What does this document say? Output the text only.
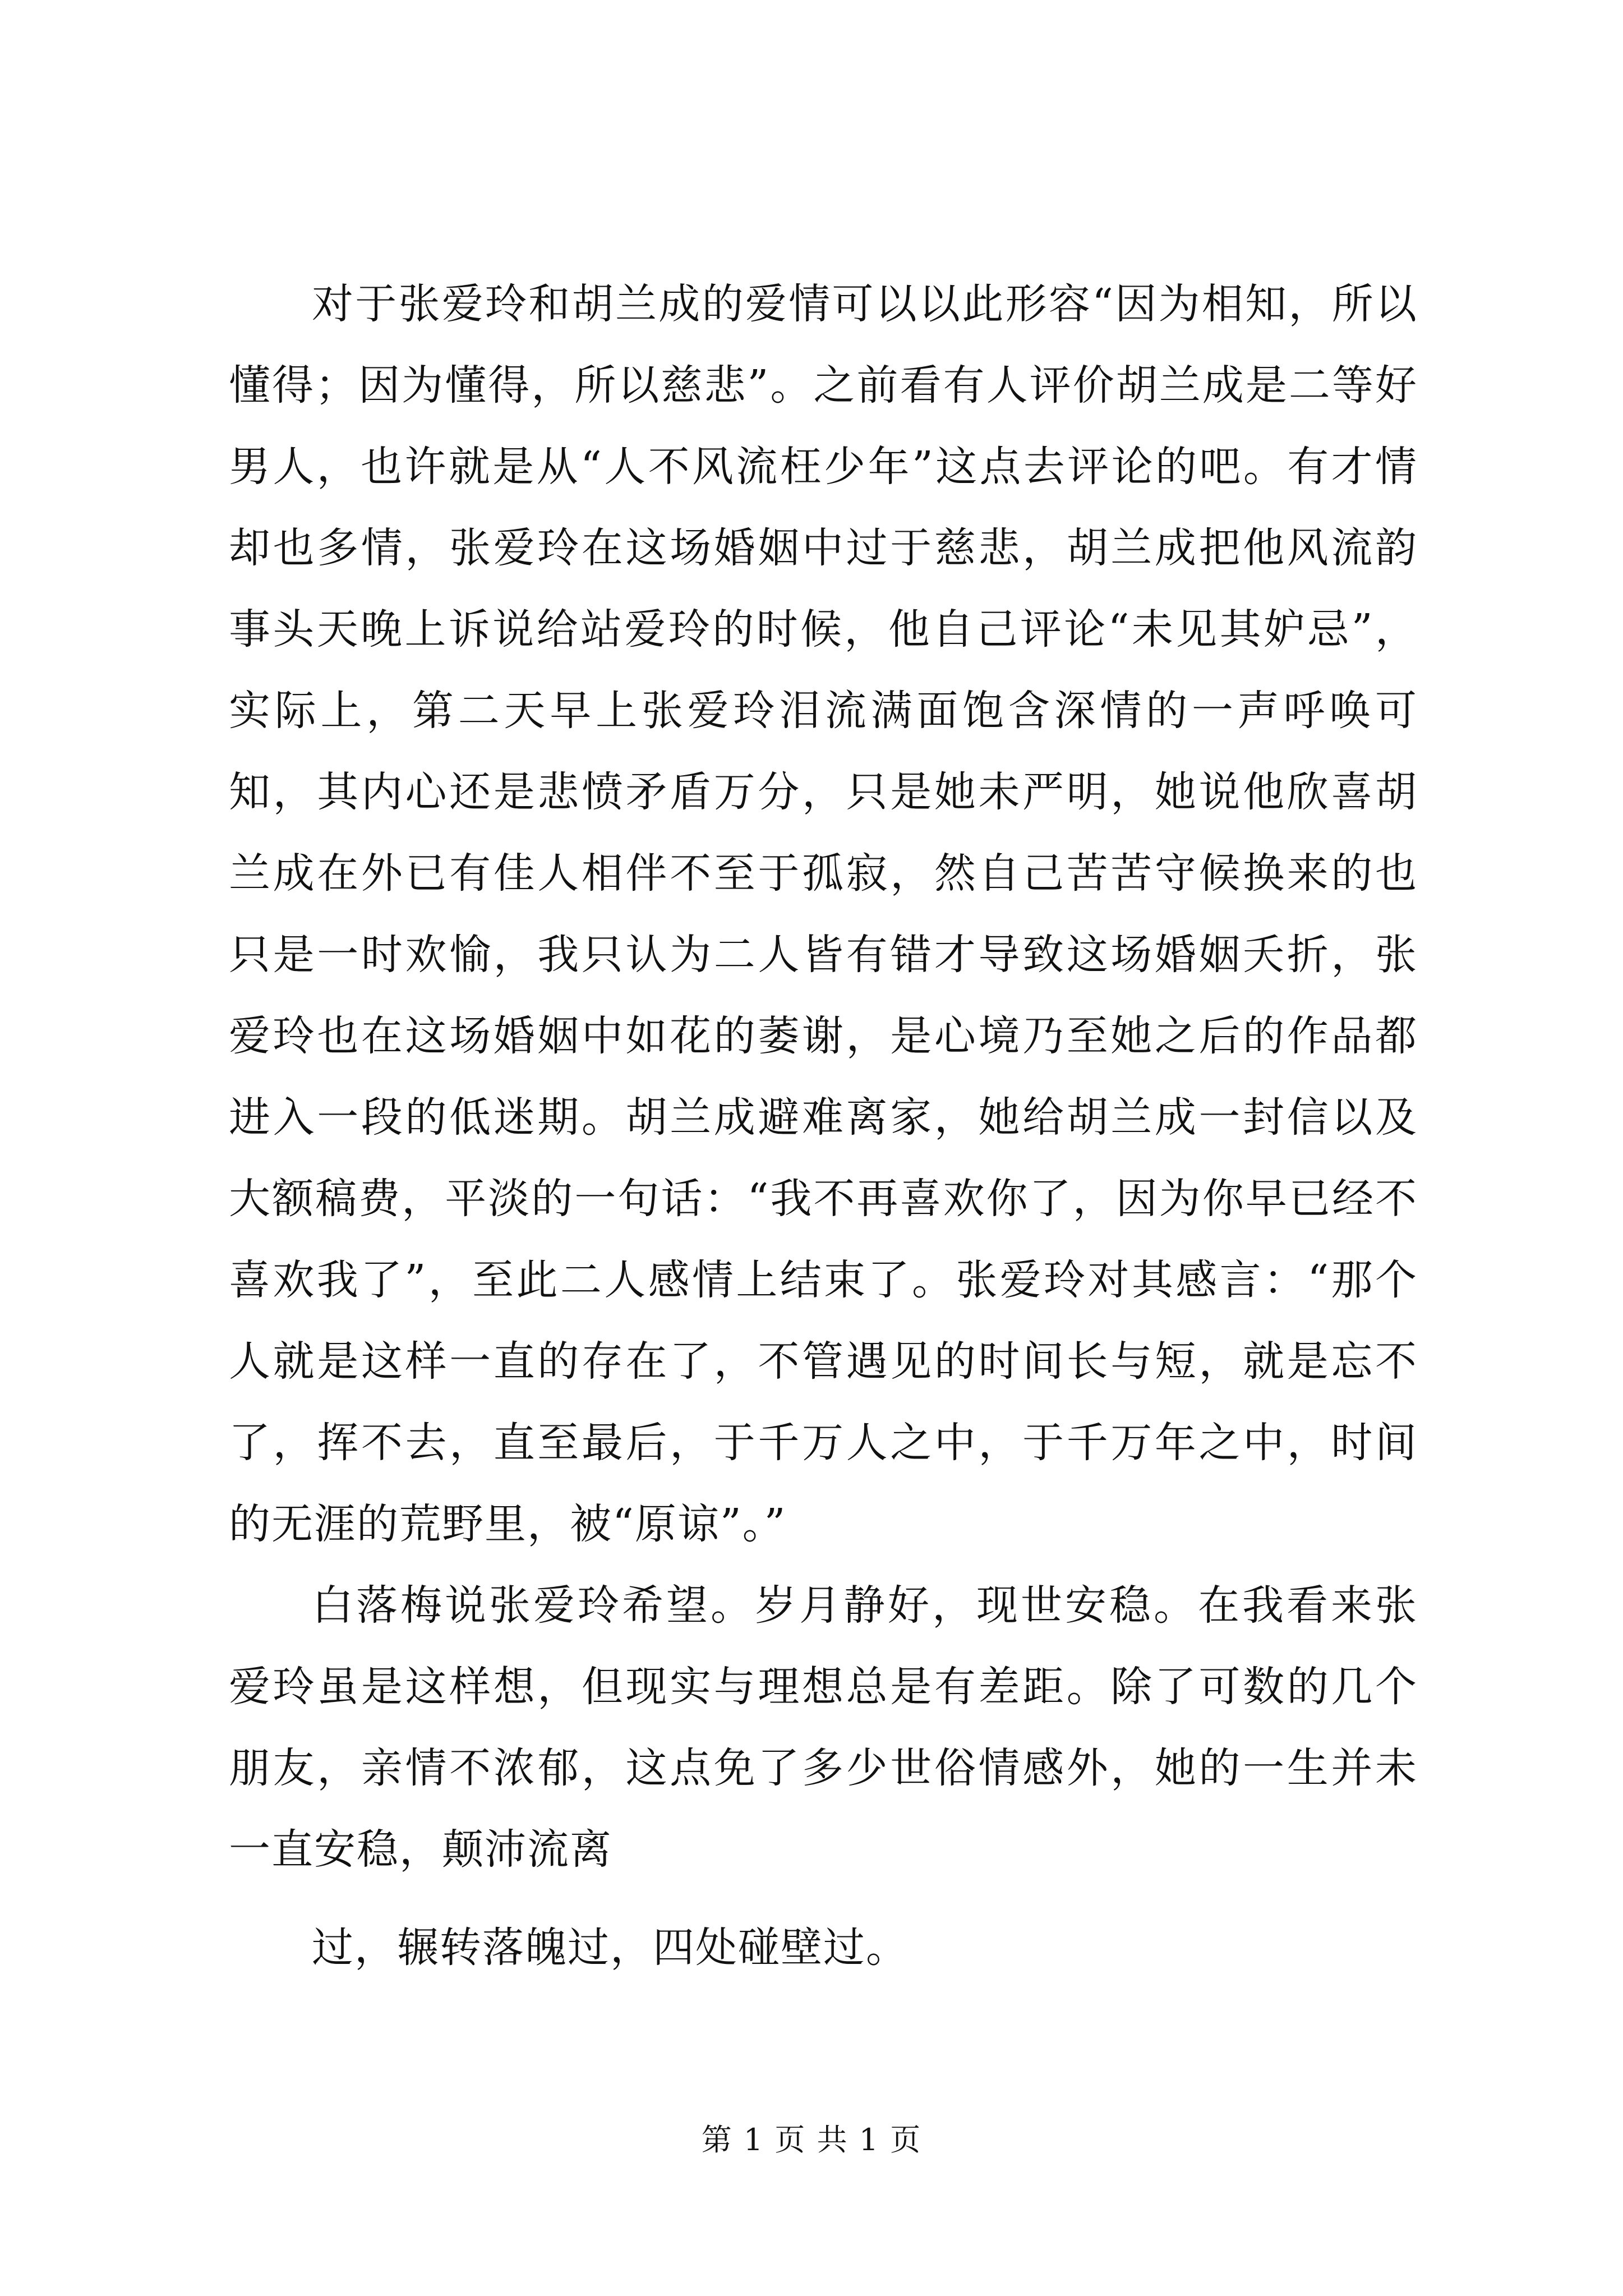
对于张爱玲和胡兰成的爱情可以以此形容“因为相知，所以懂得；因为懂得，所以慈悲”。之前看有人评价胡兰成是二等好男人，也许就是从“人不风流枉少年”这点去评论的吧。有才情却也多情，张爱玲在这场婚姻中过于慈悲，胡兰成把他风流韵事头天晚上诉说给站爱玲的时候，他自己评论“未见其妒忌”，实际上，第二天早上张爱玲泪流满面饱含深情的一声呼唤可知，其内心还是悲愤矛盾万分，只是她未严明，她说他欣喜胡兰成在外已有佳人相伴不至于孤寂，然自己苦苦守候换来的也只是一时欢愉，我只认为二人皆有错才导致这场婚姻夭折，张爱玲也在这场婚姻中如花的萎谢，是心境乃至她之后的作品都进入一段的低迷期。胡兰成避难离家，她给胡兰成一封信以及大额稿费，平淡的一句话：“我不再喜欢你了，因为你早已经不喜欢我了”，至此二人感情上结束了。张爱玲对其感言：“那个人就是这样一直的存在了，不管遇见的时间长与短，就是忘不了，挥不去，直至最后，于千万人之中，于千万年之中，时间的无涯的荒野里，被“原谅”。”

白落梅说张爱玲希望。岁月静好，现世安稳。在我看来张爱玲虽是这样想，但现实与理想总是有差距。除了可数的几个朋友，亲情不浓郁，这点免了多少世俗情感外，她的一生并未一直安稳，颠沛流离

过，辗转落魄过，四处碰壁过。

第 1 页 共 1 页
